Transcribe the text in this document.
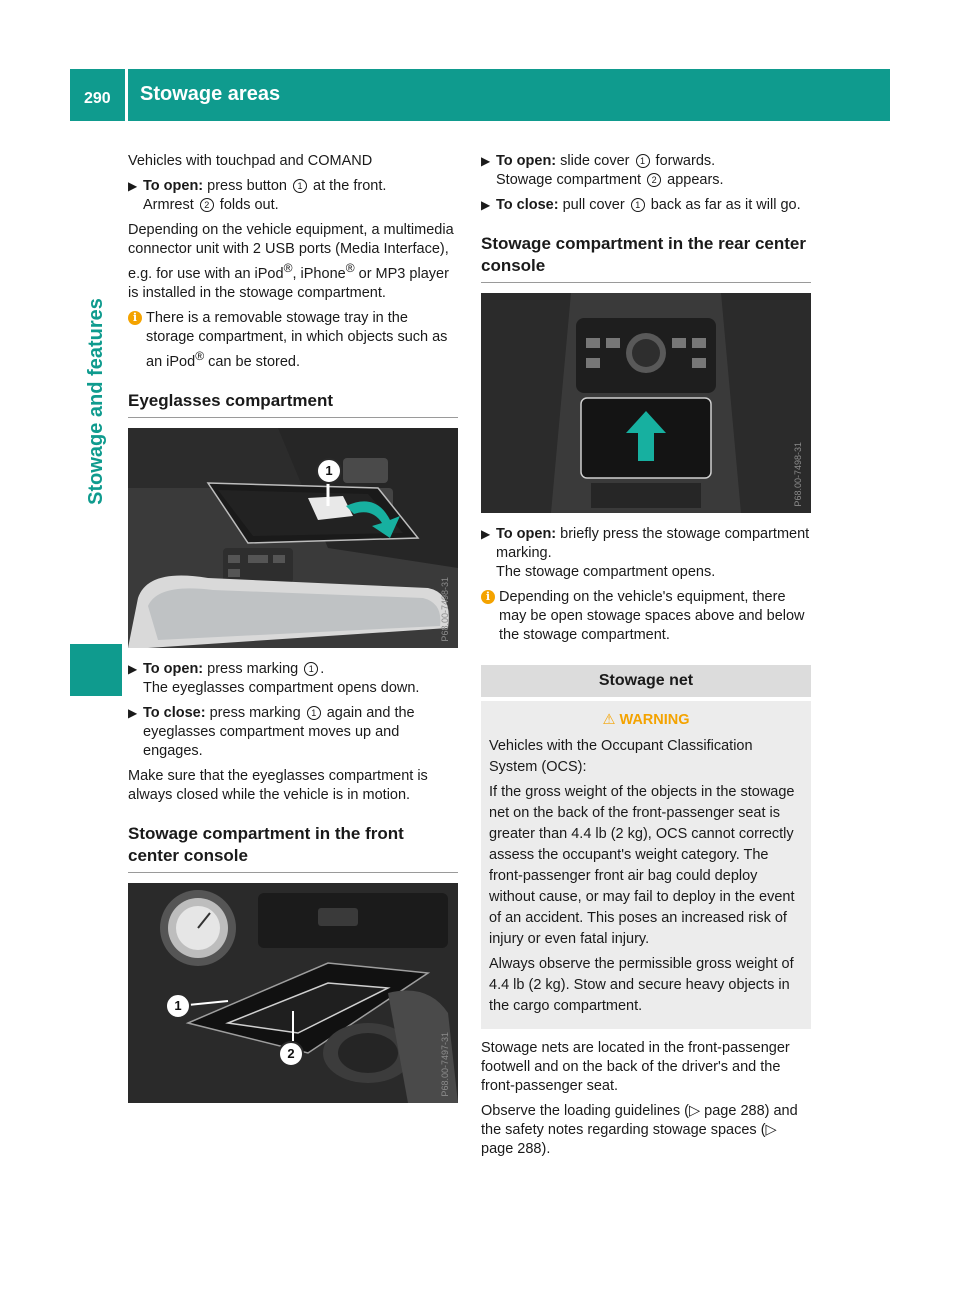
290 Stowage areas
Stowage and features

Vehicles with touchpad and COMAND

▶ To open: press button 1 at the front.
Armrest 2 folds out.

Depending on the vehicle equipment, a multimedia connector unit with 2 USB ports (Media Interface), e.g. for use with an iPod®, iPhone® or MP3 player is installed in the stowage compartment.

i There is a removable stowage tray in the storage compartment, in which objects such as an iPod® can be stored.
Eyeglasses compartment
1
P68.00-7498-31
▶ To open: press marking 1 .
The eyeglasses compartment opens down.
▶ To close: press marking 1 again and the eyeglasses compartment moves up and engages.

Make sure that the eyeglasses compartment is always closed while the vehicle is in motion.

Stowage compartment in the front center console
1
2	P68.00-7497-31
▶ To open: slide cover 1 forwards.
Stowage compartment 2 appears.
▶ To close: pull cover 1 back as far as it will go.
Stowage compartment in the rear center console
P68.00-7498-31
▶ To open: briefly press the stowage compartment marking.
The stowage compartment opens.
i Depending on the vehicle's equipment, there may be open stowage spaces above and below the stowage compartment.
Stowage net
⚠ WARNING

Vehicles with the Occupant Classification System (OCS):

If the gross weight of the objects in the stowage net on the back of the front-passenger seat is greater than 4.4 lb (2 kg), OCS cannot correctly assess the occupant's weight category. The front-passenger front air bag could deploy without cause, or may fail to deploy in the event of an accident. This poses an increased risk of injury or even fatal injury.

Always observe the permissible gross weight of 4.4 lb (2 kg). Stow and secure heavy objects in the cargo compartment.

Stowage nets are located in the front-passenger footwell and on the back of the driver's and the front-passenger seat.

Observe the loading guidelines (▷ page 288) and the safety notes regarding stowage spaces (▷ page 288).
